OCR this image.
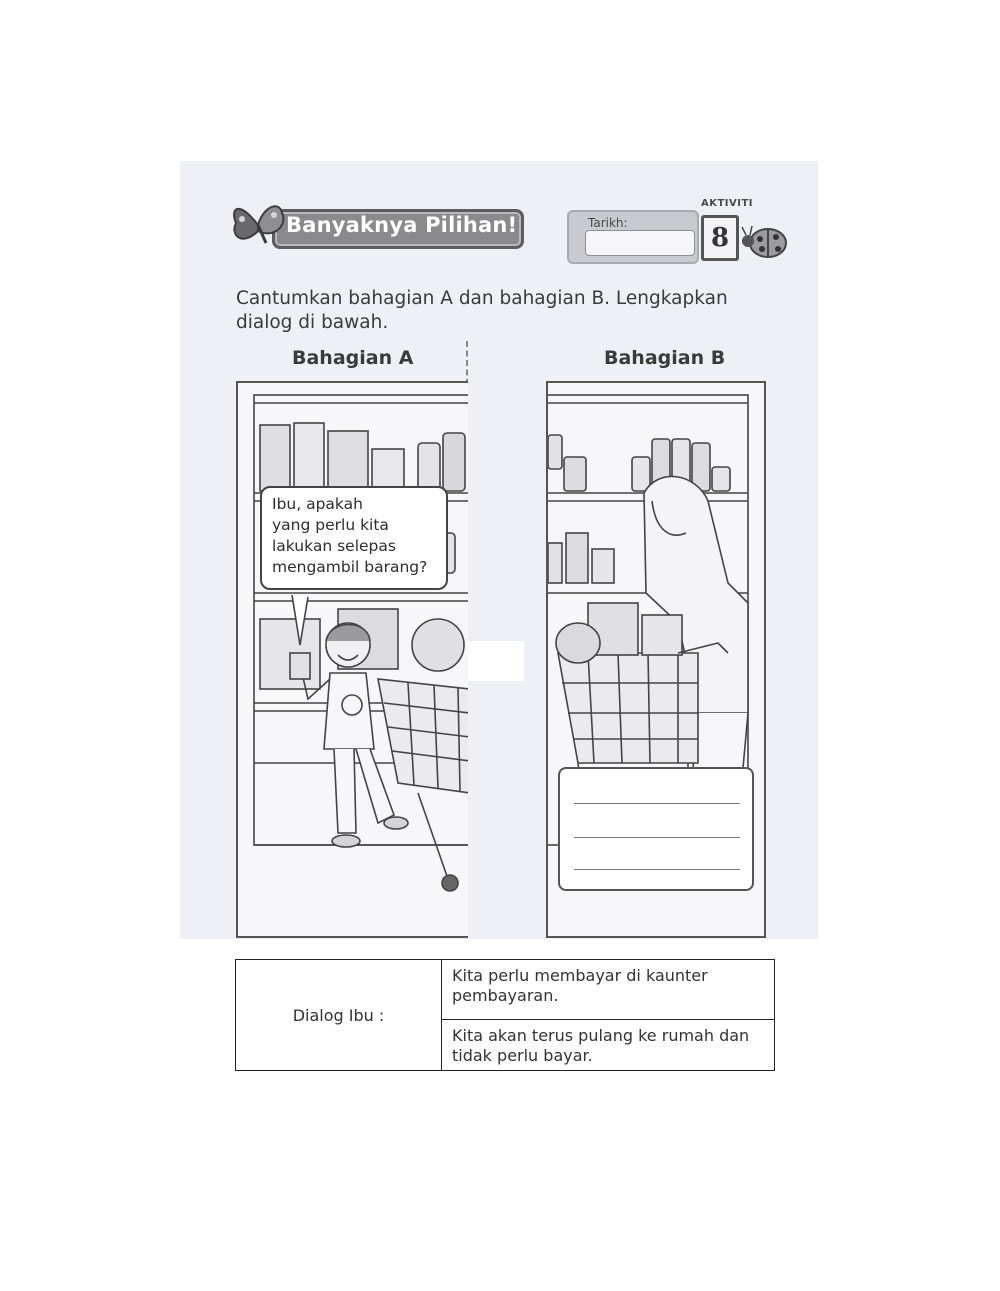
Banyaknya Pilihan!	Tarikh:
AKTIVITI
8
Cantumkan bahagian A dan bahagian B. Lengkapkan dialog di bawah.
Bahagian A	Bahagian B
Ibu, apakah
yang perlu kita
lakukan selepas
mengambil barang?
Dialog Ibu :	Kita perlu membayar di kaunter pembayaran.
Kita akan terus pulang ke rumah dan tidak perlu bayar.
